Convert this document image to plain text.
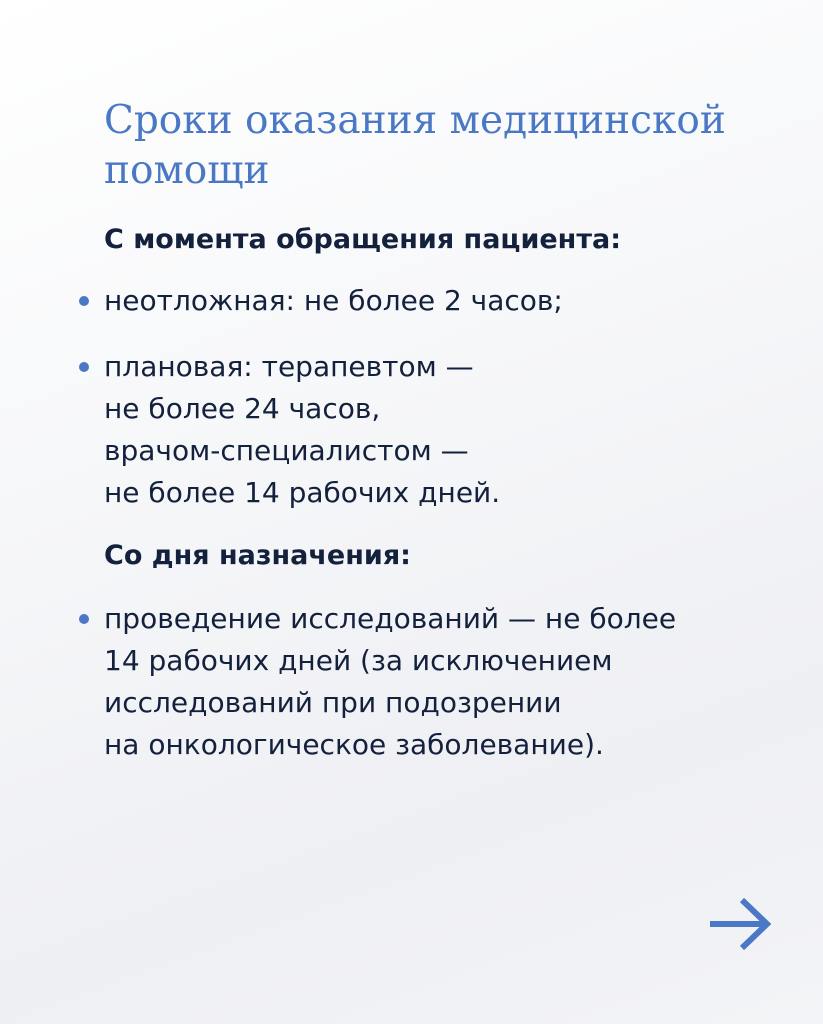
Сроки оказания медицинской помощи
С момента обращения пациента:
неотложная: не более 2 часов;
плановая: терапевтом —
не более 24 часов,
врачом-специалистом —
не более 14 рабочих дней.
Со дня назначения:
проведение исследований — не более
14 рабочих дней (за исключением
исследований при подозрении
на онкологическое заболевание).
